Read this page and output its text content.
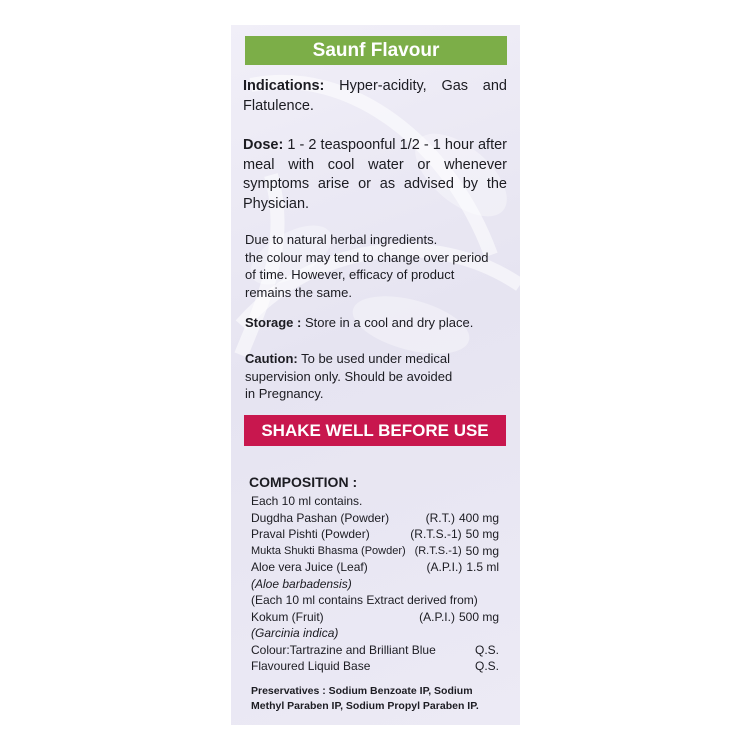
Saunf Flavour
Indications: Hyper-acidity, Gas and Flatulence.
Dose: 1 - 2 teaspoonful 1/2 - 1 hour after meal with cool water or whenever symptoms arise or as advised by the Physician.
Due to natural herbal ingredients.
the colour may tend to change over period
of time. However, efficacy of product
remains the same.
Storage : Store in a cool and dry place.
Caution: To be used under medical
supervision only. Should be avoided
in Pregnancy.
SHAKE WELL BEFORE USE
COMPOSITION :
Each 10 ml contains.
Dugdha Pashan (Powder)	(R.T.) 400 mg
Praval Pishti (Powder)	(R.T.S.-1) 50 mg
Mukta Shukti Bhasma (Powder) (R.T.S.-1) 50 mg
Aloe vera Juice (Leaf)	(A.P.I.) 1.5 ml
(Aloe barbadensis)
(Each 10 ml contains Extract derived from)
Kokum (Fruit)	(A.P.I.) 500 mg
(Garcinia indica)
Colour:Tartrazine and Brilliant Blue	Q.S.
Flavoured Liquid Base	Q.S.
Preservatives : Sodium Benzoate IP, Sodium
Methyl Paraben IP, Sodium Propyl Paraben IP.
